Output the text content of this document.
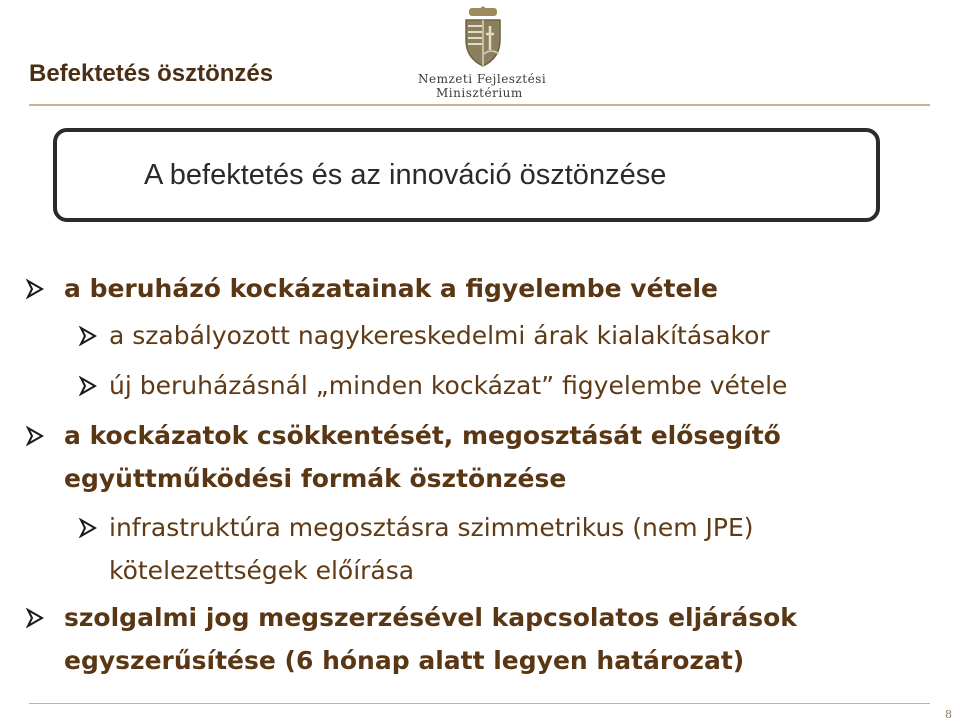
Befektetés ösztönzés	Nemzeti Fejlesztési
Minisztérium
A befektetés és az innováció ösztönzése
a beruházó kockázatainak a figyelembe vétele
a szabályozott nagykereskedelmi árak kialakításakor
új beruházásnál „minden kockázat” figyelembe vétele
a kockázatok csökkentését, megosztását elősegítő
együttműködési formák ösztönzése
infrastruktúra megosztásra szimmetrikus (nem JPE)
kötelezettségek előírása
szolgalmi jog megszerzésével kapcsolatos eljárások
egyszerűsítése (6 hónap alatt legyen határozat)
8
